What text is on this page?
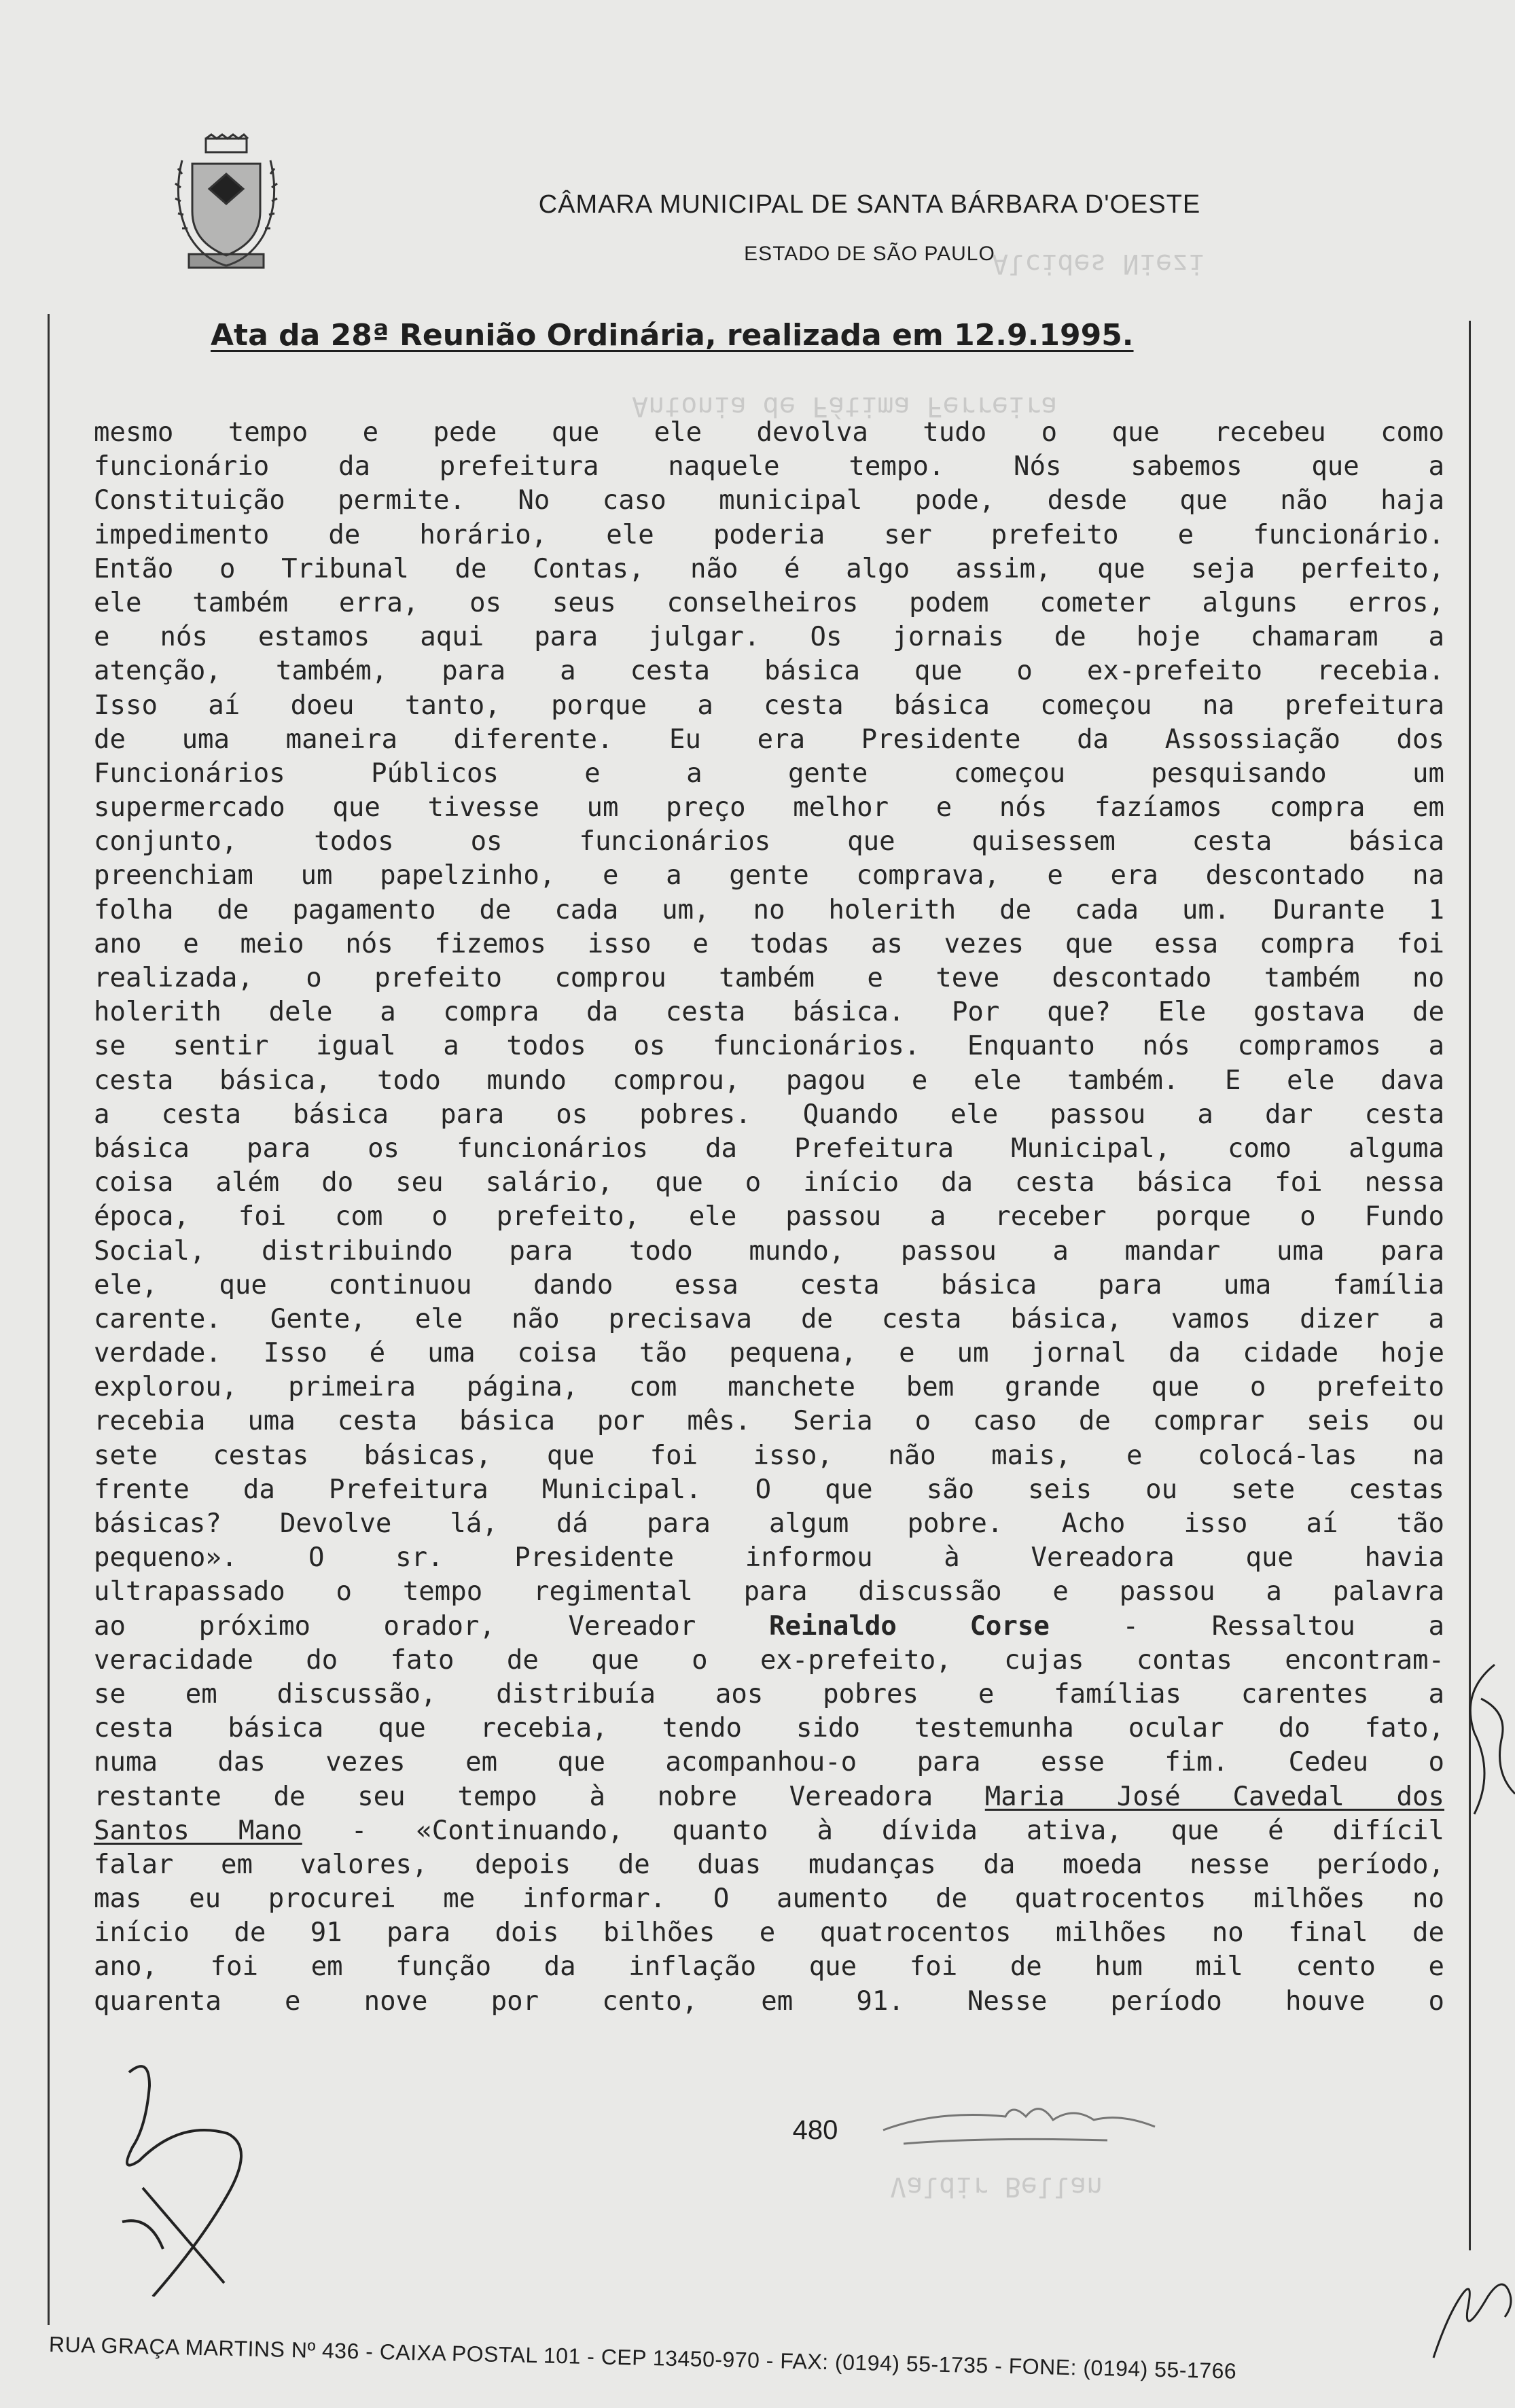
Alcides Niezi
Antonia de Fátima Ferreira
Valdir Bellan
CÂMARA MUNICIPAL DE SANTA BÁRBARA D'OESTE
ESTADO DE SÃO PAULO
Ata da 28ª Reunião Ordinária, realizada em 12.9.1995.
mesmo tempo e pede que ele devolva tudo o que recebeu como
funcionário da prefeitura naquele tempo. Nós sabemos que a
Constituição permite. No caso municipal pode, desde que não haja
impedimento de horário, ele poderia ser prefeito e funcionário.
Então o Tribunal de Contas, não é algo assim, que seja perfeito,
ele também erra, os seus conselheiros podem cometer alguns erros,
e nós estamos aqui para julgar. Os jornais de hoje chamaram a
atenção, também, para a cesta básica que o ex-prefeito recebia.
Isso aí doeu tanto, porque a cesta básica começou na prefeitura
de uma maneira diferente. Eu era Presidente da Assossiação dos
Funcionários Públicos e a gente começou pesquisando um
supermercado que tivesse um preço melhor e nós fazíamos compra em
conjunto, todos os funcionários que quisessem cesta básica
preenchiam um papelzinho, e a gente comprava, e era descontado na
folha de pagamento de cada um, no holerith de cada um. Durante 1
ano e meio nós fizemos isso e todas as vezes que essa compra foi
realizada, o prefeito comprou também e teve descontado também no
holerith dele a compra da cesta básica. Por que? Ele gostava de
se sentir igual a todos os funcionários. Enquanto nós compramos a
cesta básica, todo mundo comprou, pagou e ele também. E ele dava
a cesta básica para os pobres. Quando ele passou a dar cesta
básica para os funcionários da Prefeitura Municipal, como alguma
coisa além do seu salário, que o início da cesta básica foi nessa
época, foi com o prefeito, ele passou a receber porque o Fundo
Social, distribuindo para todo mundo, passou a mandar uma para
ele, que continuou dando essa cesta básica para uma família
carente. Gente, ele não precisava de cesta básica, vamos dizer a
verdade. Isso é uma coisa tão pequena, e um jornal da cidade hoje
explorou, primeira página, com manchete bem grande que o prefeito
recebia uma cesta básica por mês. Seria o caso de comprar seis ou
sete cestas básicas, que foi isso, não mais, e colocá-las na
frente da Prefeitura Municipal. O que são seis ou sete cestas
básicas? Devolve lá, dá para algum pobre. Acho isso aí tão
pequeno». O sr. Presidente informou à Vereadora que havia
ultrapassado o tempo regimental para discussão e passou a palavra
ao próximo orador, Vereador	Reinaldo Corse	- Ressaltou a
veracidade do fato de que o ex-prefeito, cujas contas encontram-
se em discussão, distribuía aos pobres e famílias carentes a
cesta básica que recebia, tendo sido testemunha ocular do fato,
numa das vezes em que acompanhou-o para esse fim. Cedeu o
restante de seu tempo à nobre Vereadora Maria José Cavedal dos
Santos Mano - «Continuando, quanto à dívida ativa, que é difícil
falar em valores, depois de duas mudanças da moeda nesse período,
mas eu procurei me informar. O aumento de quatrocentos milhões no
início de 91 para dois bilhões e quatrocentos milhões no final de
ano, foi em função da inflação que foi de hum mil cento e
quarenta e nove por cento, em 91. Nesse período houve o
480
RUA GRAÇA MARTINS Nº 436 - CAIXA POSTAL 101 - CEP 13450-970 - FAX: (0194) 55-1735 - FONE: (0194) 55-1766
